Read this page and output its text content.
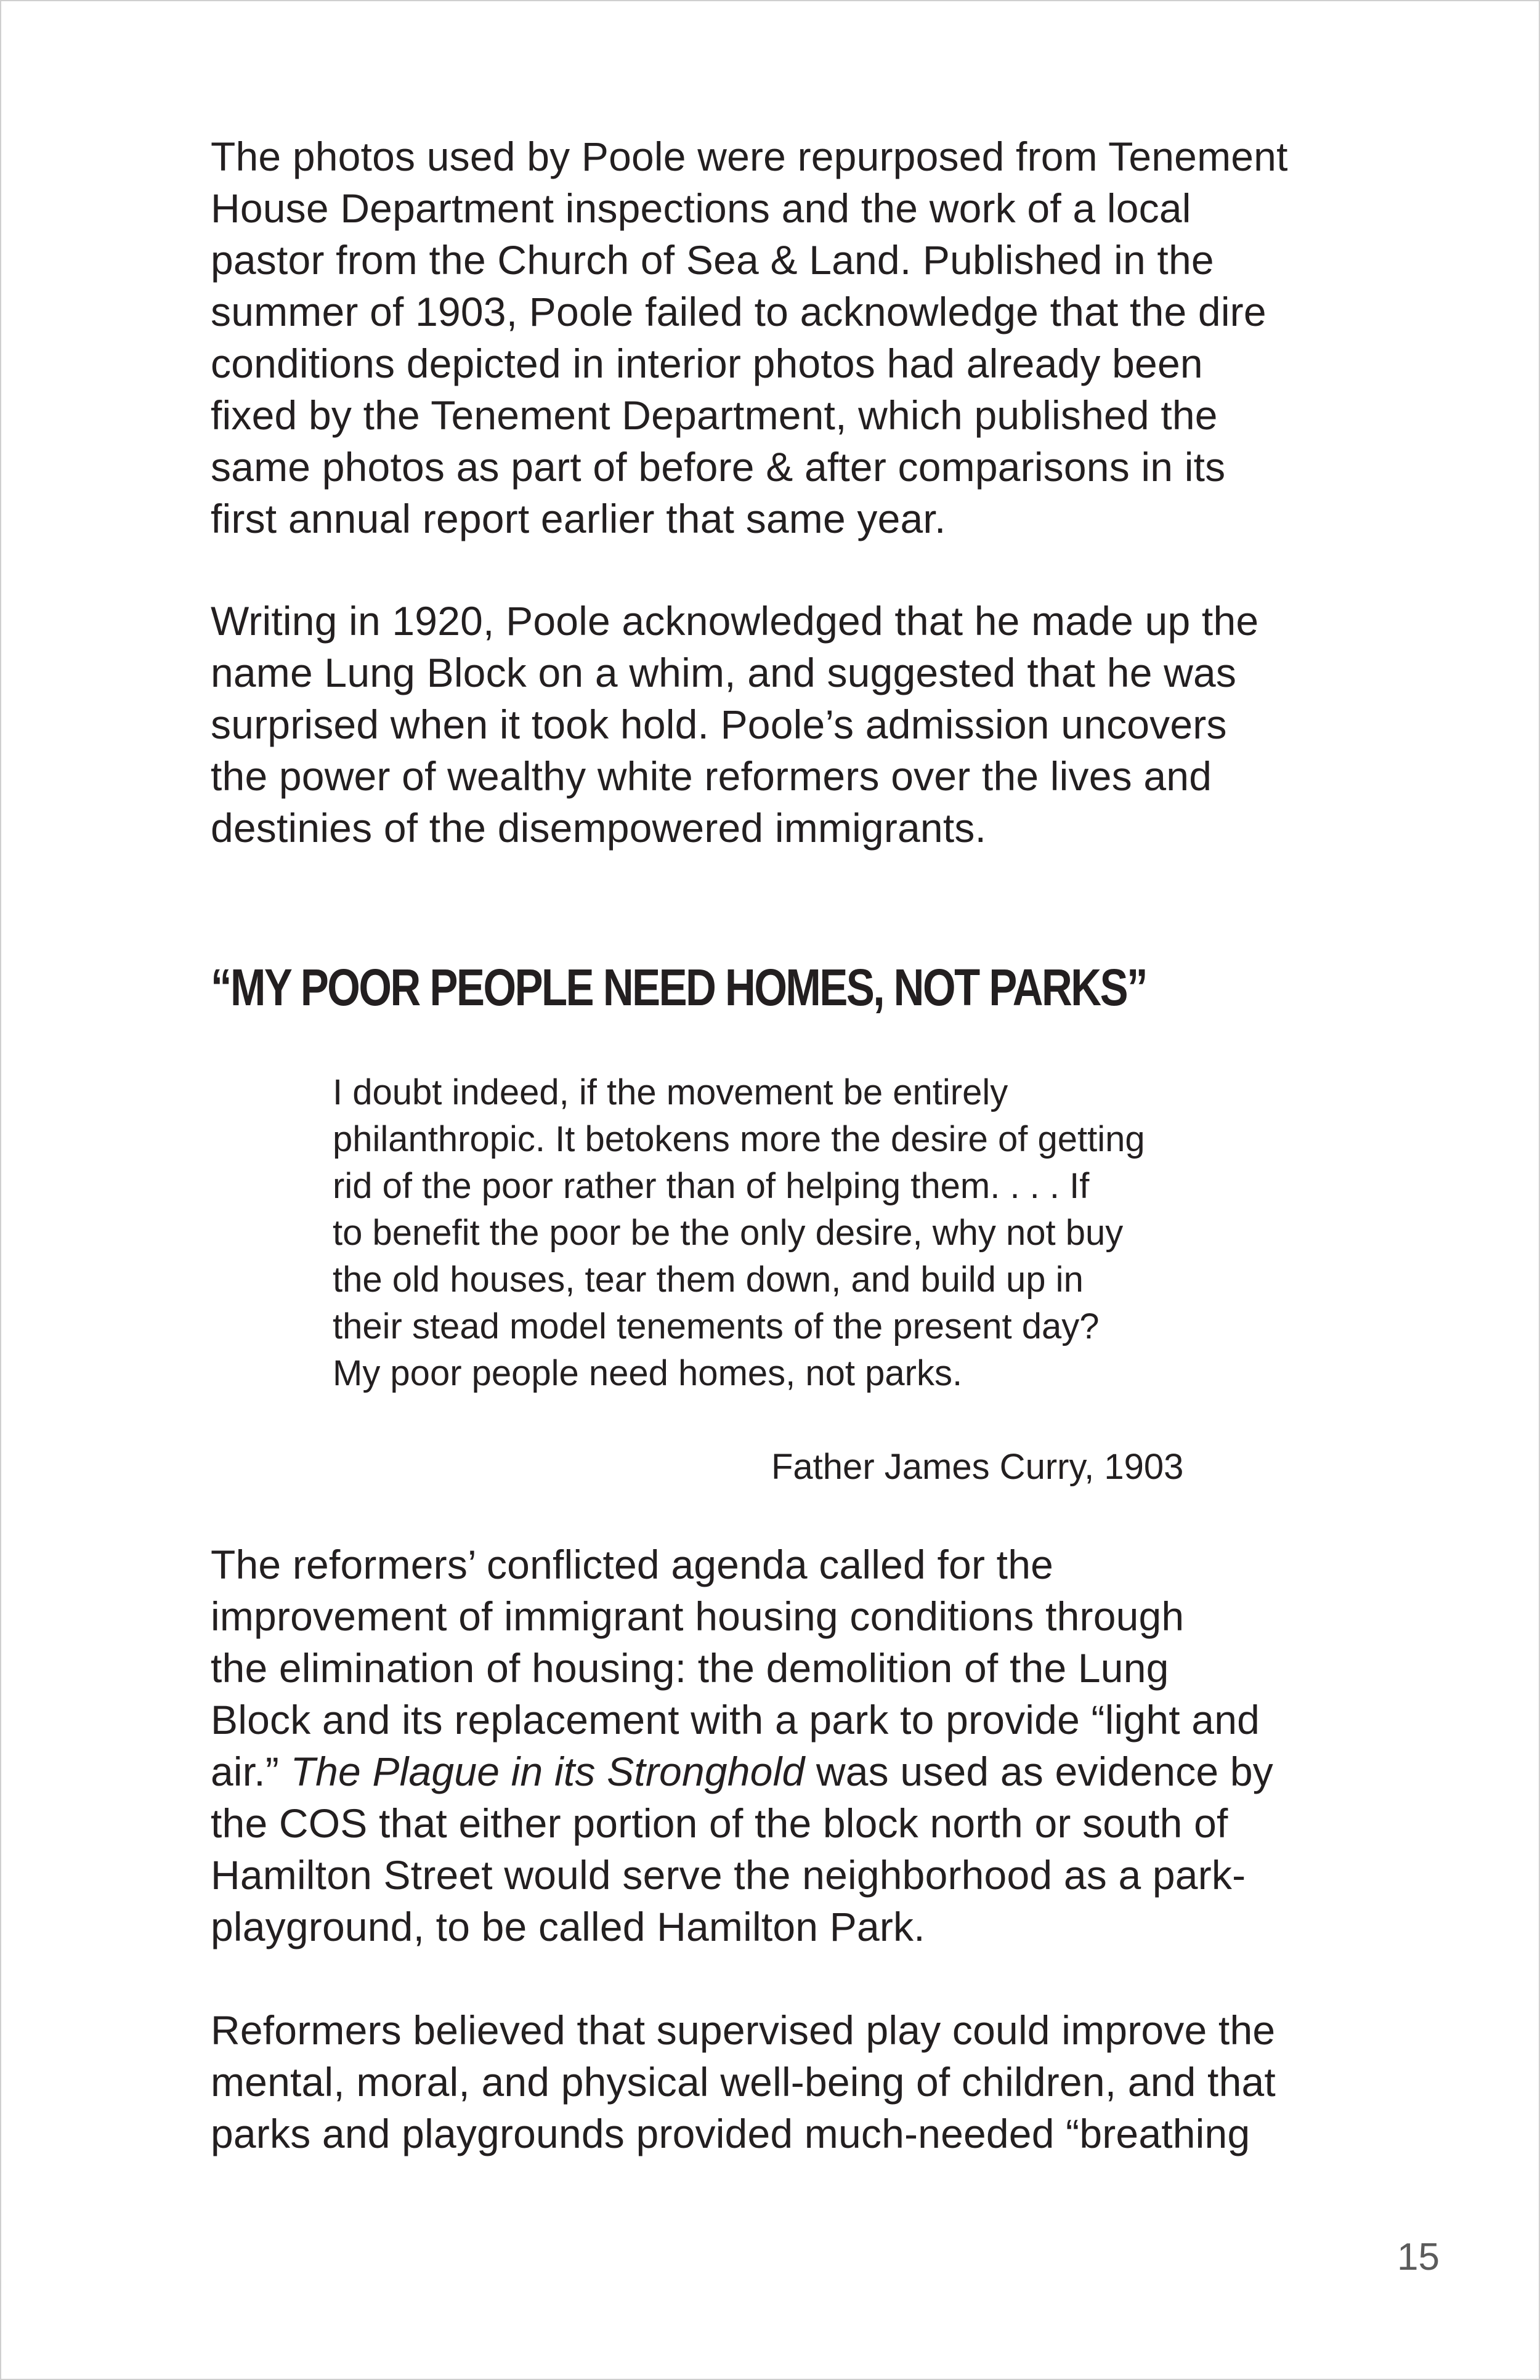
The photos used by Poole were repurposed from Tenement
House Department inspections and the work of a local
pastor from the Church of Sea & Land. Published in the
summer of 1903, Poole failed to acknowledge that the dire
conditions depicted in interior photos had already been
fixed by the Tenement Department, which published the
same photos as part of before & after comparisons in its
first annual report earlier that same year.

Writing in 1920, Poole acknowledged that he made up the
name Lung Block on a whim, and suggested that he was
surprised when it took hold. Poole’s admission uncovers
the power of wealthy white reformers over the lives and
destinies of the disempowered immigrants.

“MY POOR PEOPLE NEED HOMES, NOT PARKS”
I doubt indeed, if the movement be entirely
philanthropic. It betokens more the desire of getting
rid of the poor rather than of helping them. . . . If
to benefit the poor be the only desire, why not buy
the old houses, tear them down, and build up in
their stead model tenements of the present day?
My poor people need homes, not parks.

Father James Curry, 1903

The reformers’ conflicted agenda called for the
improvement of immigrant housing conditions through
the elimination of housing: the demolition of the Lung
Block and its replacement with a park to provide “light and
air.” The Plague in its Stronghold was used as evidence by
the COS that either portion of the block north or south of
Hamilton Street would serve the neighborhood as a park-
playground, to be called Hamilton Park.

Reformers believed that supervised play could improve the
mental, moral, and physical well-being of children, and that
parks and playgrounds provided much-needed “breathing

15
